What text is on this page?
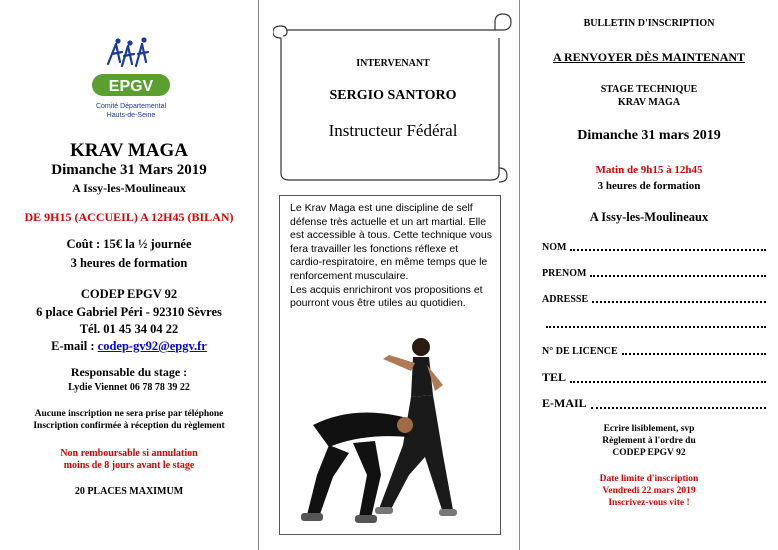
EPGV
Comité Départemental
Hauts-de-Seine
KRAV MAGA
Dimanche 31 Mars 2019
A Issy-les-Moulineaux
DE 9H15 (ACCUEIL) A 12H45 (BILAN)
Coût : 15€ la ½ journée
3 heures de formation
CODEP EPGV 92
6 place Gabriel Péri - 92310 Sèvres
Tél. 01 45 34 04 22
E-mail : codep-gv92@epgv.fr
Responsable du stage :
Lydie Viennet 06 78 78 39 22
Aucune inscription ne sera prise par téléphone
Inscription confirmée à réception du règlement
Non remboursable si annulation
moins de 8 jours avant le stage
20 PLACES MAXIMUM
INTERVENANT
SERGIO SANTORO
Instructeur Fédéral

Le Krav Maga est une discipline de self défense très actuelle et un art martial. Elle est accessible à tous. Cette technique vous fera travailler les fonctions réflexe et cardio-respiratoire, en même temps que le renforcement musculaire.

Les acquis enrichiront vos propositions et pourront vous être utiles au quotidien.

BULLETIN D'INSCRIPTION
A RENVOYER DÈS MAINTENANT
STAGE TECHNIQUE
KRAV MAGA
Dimanche 31 mars 2019
Matin de 9h15 à 12h45
3 heures de formation
A Issy-les-Moulineaux
NOM
PRENOM
ADRESSE
N° DE LICENCE
TEL
E-MAIL
Ecrire lisiblement, svp
Règlement à l'ordre du
CODEP EPGV 92
Date limite d'inscription
Vendredi 22 mars 2019
Inscrivez-vous vite !
